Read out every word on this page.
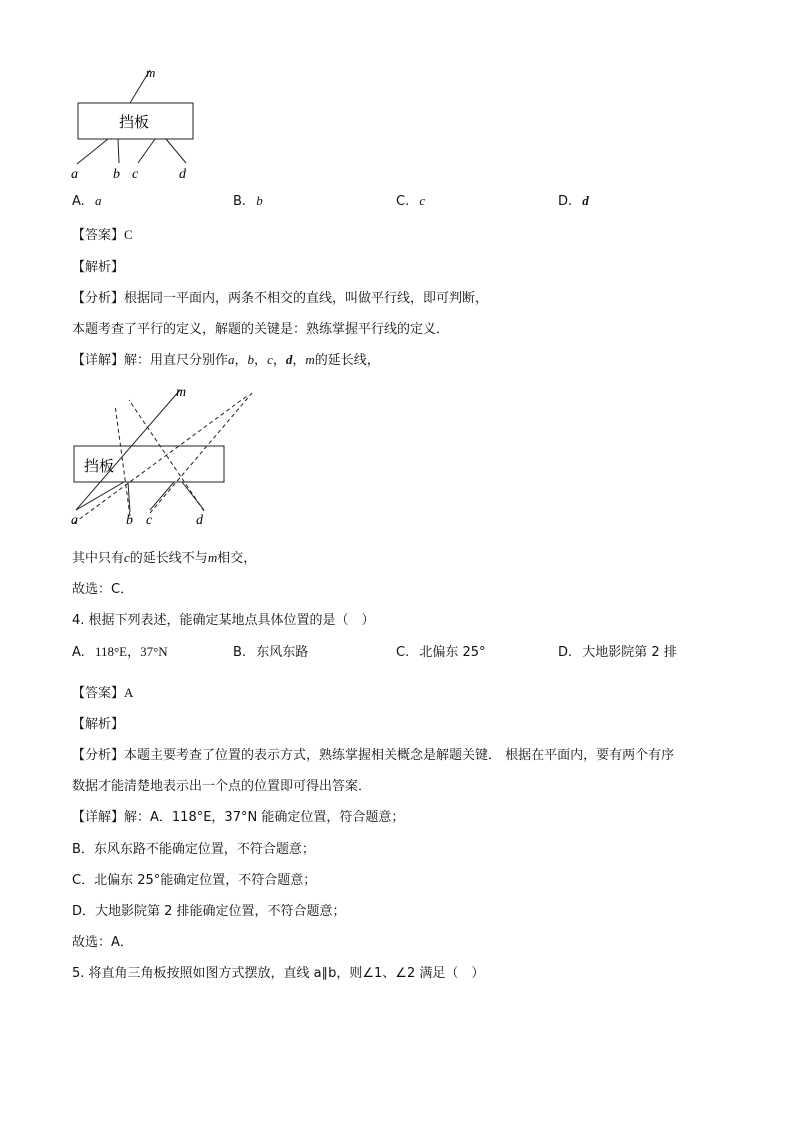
挡板
m
a	b c	d
A. a	B. b	C. c	D. d
【答案】C
【解析】
【分析】根据同一平面内，两条不相交的直线，叫做平行线，即可判断，
本题考查了平行的定义，解题的关键是：熟练掌握平行线的定义．
【详解】解：用直尺分别作a，b，c，d，m的延长线，
挡板
m
a	b c	d
其中只有c的延长线不与m相交，
故选：C．
4. 根据下列表述，能确定某地点具体位置的是（　）
A. 118°E，37°N	B. 东风东路	C. 北偏东 25°	D. 大地影院第 2 排
【答案】A
【解析】
【分析】本题主要考查了位置的表示方式，熟练掌握相关概念是解题关键． 根据在平面内，要有两个有序
数据才能清楚地表示出一个点的位置即可得出答案．
【详解】解：A．118°E，37°N 能确定位置，符合题意；
B．东风东路不能确定位置，不符合题意；
C．北偏东 25°能确定位置，不符合题意；
D．大地影院第 2 排能确定位置，不符合题意；
故选：A．
5. 将直角三角板按照如图方式摆放，直线 a∥b，则∠1、∠2 满足（　）
